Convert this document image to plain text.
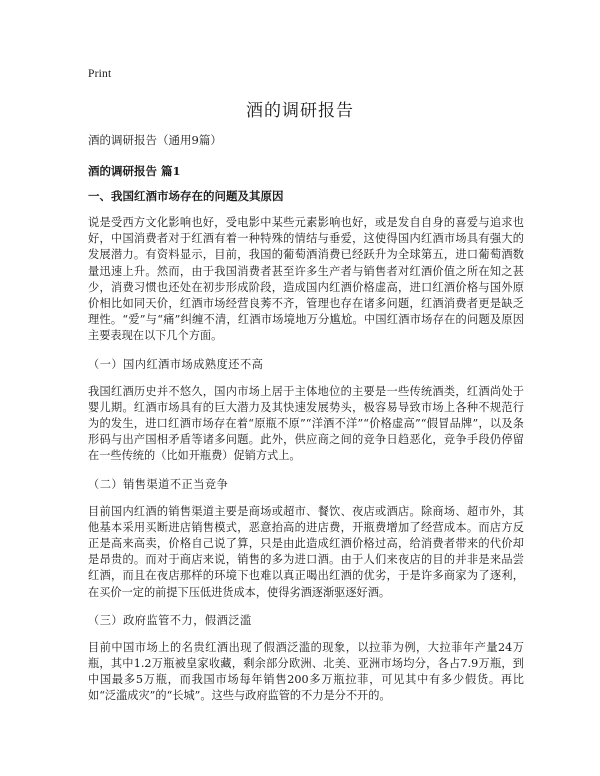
Print
酒的调研报告
酒的调研报告（通用9篇）
酒的调研报告 篇1
一、我国红酒市场存在的问题及其原因
说是受西方文化影响也好，受电影中某些元素影响也好，或是发自自身的喜爱与追求也好，中国消费者对于红酒有着一种特殊的情结与垂爱，这使得国内红酒市场具有强大的发展潜力。有资料显示，目前，我国的葡萄酒消费已经跃升为全球第五，进口葡萄酒数量迅速上升。然而，由于我国消费者甚至许多生产者与销售者对红酒价值之所在知之甚少，消费习惯也还处在初步形成阶段，造成国内红酒价格虚高，进口红酒价格与国外原价相比如同天价，红酒市场经营良莠不齐，管理也存在诸多问题，红酒消费者更是缺乏理性。“爱”与“痛”纠缠不清，红酒市场境地万分尴尬。中国红酒市场存在的问题及原因主要表现在以下几个方面。
（一）国内红酒市场成熟度还不高
我国红酒历史并不悠久，国内市场上居于主体地位的主要是一些传统酒类，红酒尚处于婴儿期。红酒市场具有的巨大潜力及其快速发展势头，极容易导致市场上各种不规范行为的发生，进口红酒市场存在着“原瓶不原”“洋酒不洋”“价格虚高”“假冒品牌”，以及条形码与出产国相矛盾等诸多问题。此外，供应商之间的竞争日趋恶化，竞争手段仍停留在一些传统的（比如开瓶费）促销方式上。
（二）销售渠道不正当竞争
目前国内红酒的销售渠道主要是商场或超市、餐饮、夜店或酒店。除商场、超市外，其他基本采用买断进店销售模式，恶意抬高的进店费，开瓶费增加了经营成本。而店方反正是高来高卖，价格自己说了算，只是由此造成红酒价格过高，给消费者带来的代价却是昂贵的。而对于商店来说，销售的多为进口酒。由于人们来夜店的目的并非是来品尝红酒，而且在夜店那样的环境下也难以真正喝出红酒的优劣，于是许多商家为了逐利，在买价一定的前提下压低进货成本，使得劣酒逐渐驱逐好酒。
（三）政府监管不力，假酒泛滥
目前中国市场上的名贵红酒出现了假酒泛滥的现象，以拉菲为例，大拉菲年产量24万瓶，其中1.2万瓶被皇家收藏，剩余部分欧洲、北美、亚洲市场均分，各占7.9万瓶，到中国最多5万瓶，而我国市场每年销售200多万瓶拉菲，可见其中有多少假货。再比如“泛滥成灾”的“长城”。这些与政府监管的不力是分不开的。
